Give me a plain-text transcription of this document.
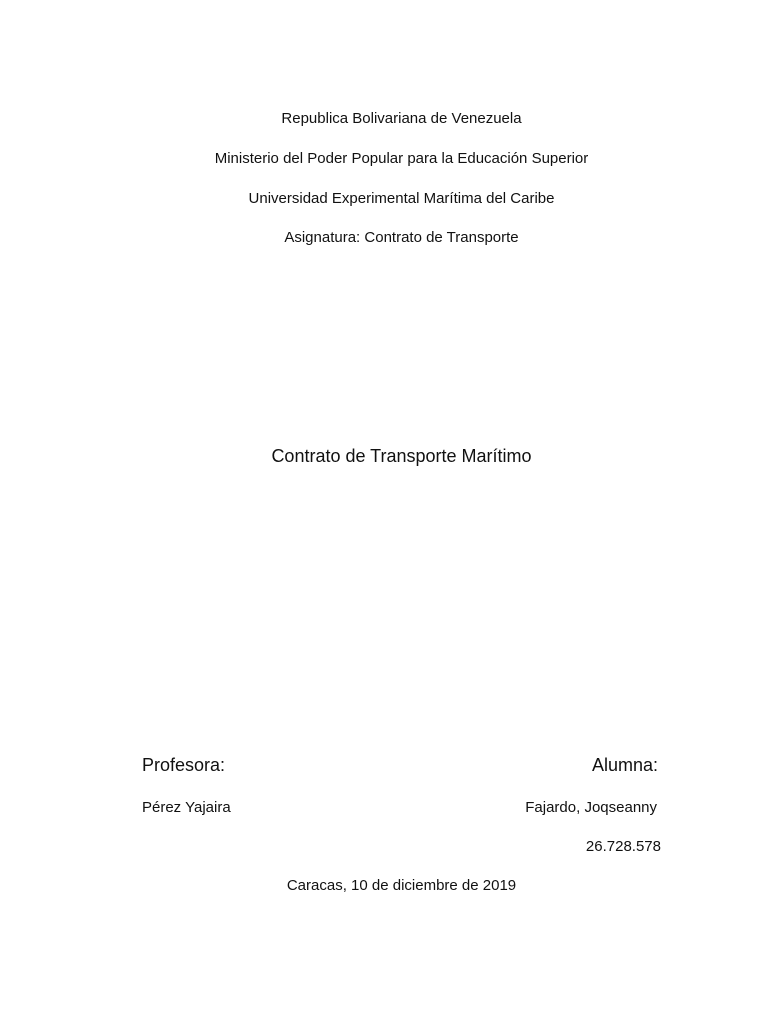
Republica Bolivariana de Venezuela
Ministerio del Poder Popular para la Educación Superior
Universidad Experimental Marítima del Caribe
Asignatura: Contrato de Transporte
Contrato de Transporte Marítimo
Profesora:	Alumna:
Pérez Yajaira	Fajardo, Joqseanny
26.728.578
Caracas, 10 de diciembre de 2019
